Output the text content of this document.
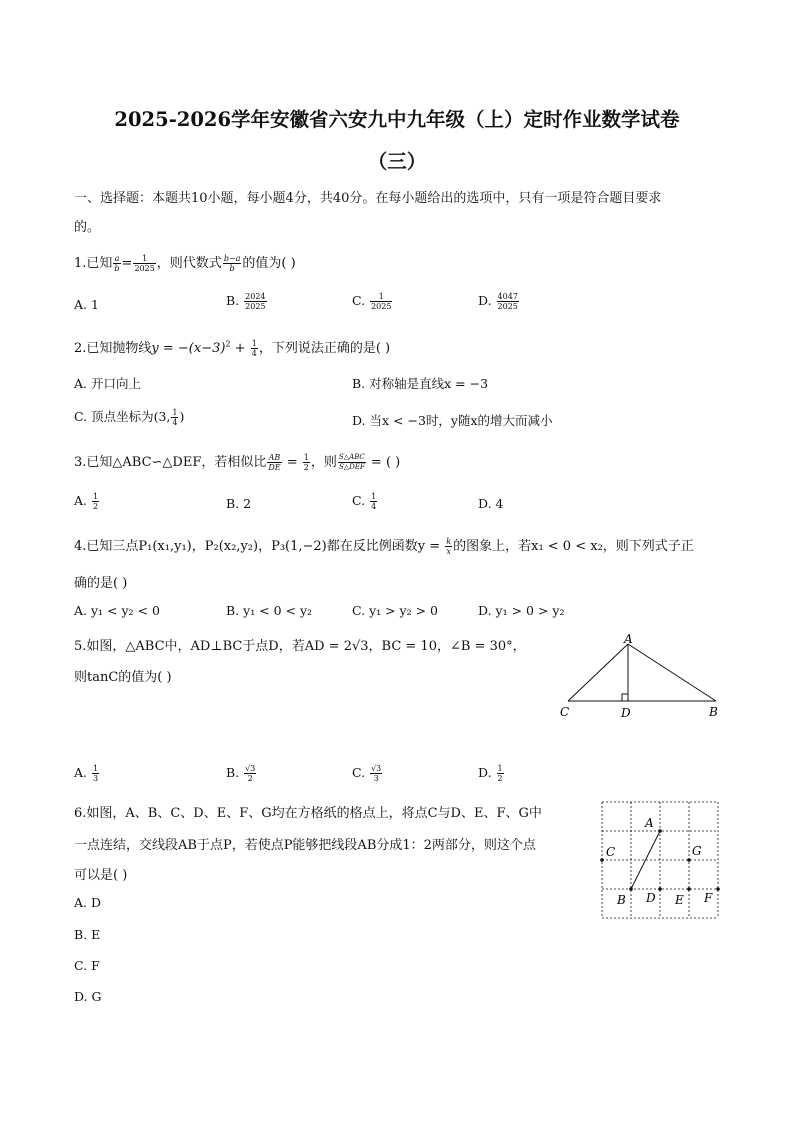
2025-2026学年安徽省六安九中九年级（上）定时作业数学试卷
（三）
一、选择题：本题共10小题，每小题4分，共40分。在每小题给出的选项中，只有一项是符合题目要求
的。
1.已知 $\frac{a}{b} = \frac{1}{2025}$ ，则代数式 $\frac{b-a}{b}$ 的值为( )
A. 1	B. $\frac{2024}{2025}$	C. $\frac{1}{2025}$	D. $\frac{4047}{2025}$
2.已知抛物线$y = -(x-3)^2 + \frac{1}{4}$ ，下列说法正确的是( )
A. 开口向上	B. 对称轴是直线x = −3
C. 顶点坐标为(3, $\frac{1}{4}$ )	D. 当x < −3时，y随x的增大而减小
3.已知△ABC∽△DEF，若相似比 $\frac{AB}{DE} = \frac{1}{2}$ ，则 $\frac{\text{S△ABC}}{\text{S△DEF}}$ = ( )
A. $\frac{1}{2}$	B. 2	C. $\frac{1}{4}$	D. 4
4.已知三点P₁(x₁,y₁)，P₂(x₂,y₂)，P₃(1,−2)都在反比例函数$y = \frac{k}{x}$ 的图象上，若x₁ < 0 < x₂，则下列式子正
确的是( )
A. y₁ < y₂ < 0	B. y₁ < 0 < y₂	C. y₁ > y₂ > 0	D. y₁ > 0 > y₂
5.如图，△ABC中，AD⊥BC于点D，若AD = 2√3，BC = 10，∠B = 30°，
则tanC的值为( )
A
C	D	B
A. $\frac{1}{3}$	B. $\frac{√3}{2}$	C. $\frac{√3}{3}$	D. $\frac{1}{2}$
6.如图，A、B、C、D、E、F、G均在方格纸的格点上，将点C与D、E、F、G中
一点连结，交线段AB于点P，若使点P能够把线段AB分成1：2两部分，则这个点
可以是( )
A. D
B. E
C. F
D. G
A
B
C
D E F
G
